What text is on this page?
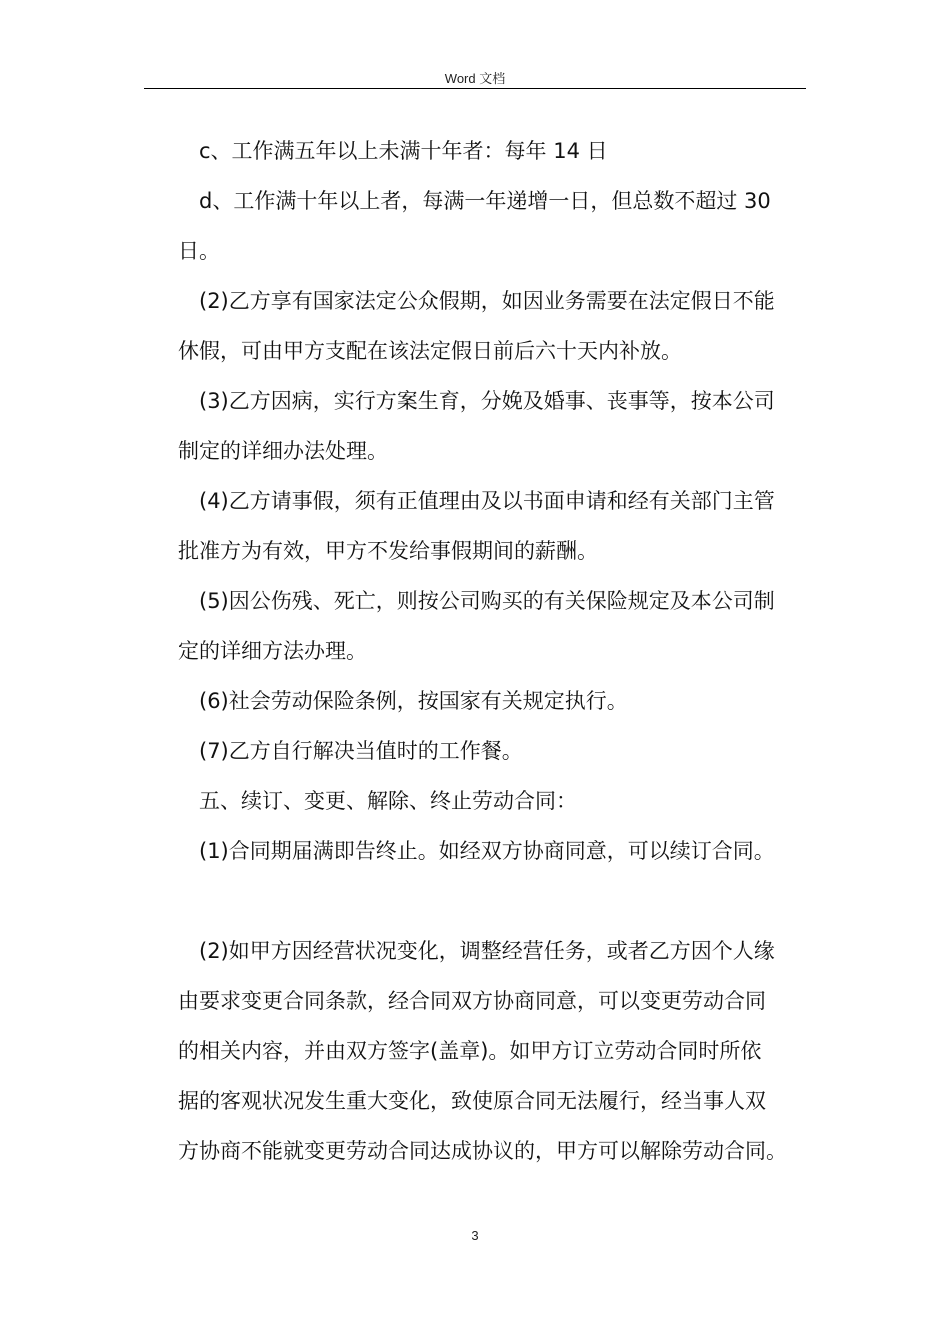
Word 文档

c、工作满五年以上未满十年者：每年 14 日

d、工作满十年以上者，每满一年递增一日，但总数不超过 30

日。

(2)乙方享有国家法定公众假期，如因业务需要在法定假日不能

休假，可由甲方支配在该法定假日前后六十天内补放。

(3)乙方因病，实行方案生育，分娩及婚事、丧事等，按本公司

制定的详细办法处理。

(4)乙方请事假，须有正值理由及以书面申请和经有关部门主管

批准方为有效，甲方不发给事假期间的薪酬。

(5)因公伤残、死亡，则按公司购买的有关保险规定及本公司制

定的详细方法办理。

(6)社会劳动保险条例，按国家有关规定执行。

(7)乙方自行解决当值时的工作餐。

五、续订、变更、解除、终止劳动合同：

(1)合同期届满即告终止。如经双方协商同意，可以续订合同。

(2)如甲方因经营状况变化，调整经营任务，或者乙方因个人缘

由要求变更合同条款，经合同双方协商同意，可以变更劳动合同

的相关内容，并由双方签字(盖章)。如甲方订立劳动合同时所依

据的客观状况发生重大变化，致使原合同无法履行，经当事人双

方协商不能就变更劳动合同达成协议的，甲方可以解除劳动合同。

3
